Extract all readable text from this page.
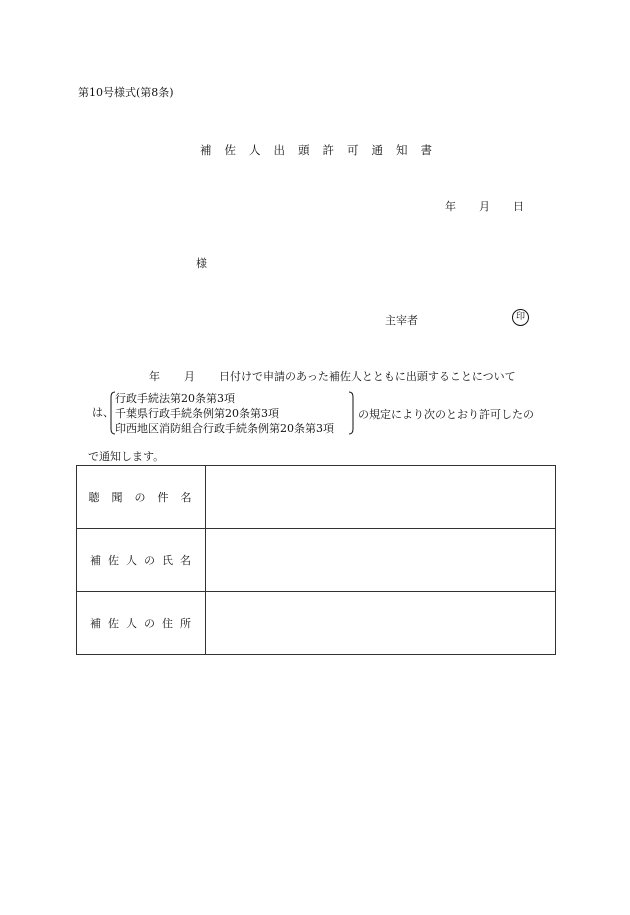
第10号様式(第8条)
補佐人出頭許可通知書
年 月 日
様
主宰者	印
年 月 日付けで申請のあった補佐人とともに出頭することについて
は、
行政手続法第20条第3項
千葉県行政手続条例第20条第3項
印西地区消防組合行政手続条例第20条第3項
の規定により次のとおり許可したの
で通知します。
聴聞の件名	
補佐人の氏名	
補佐人の住所	
